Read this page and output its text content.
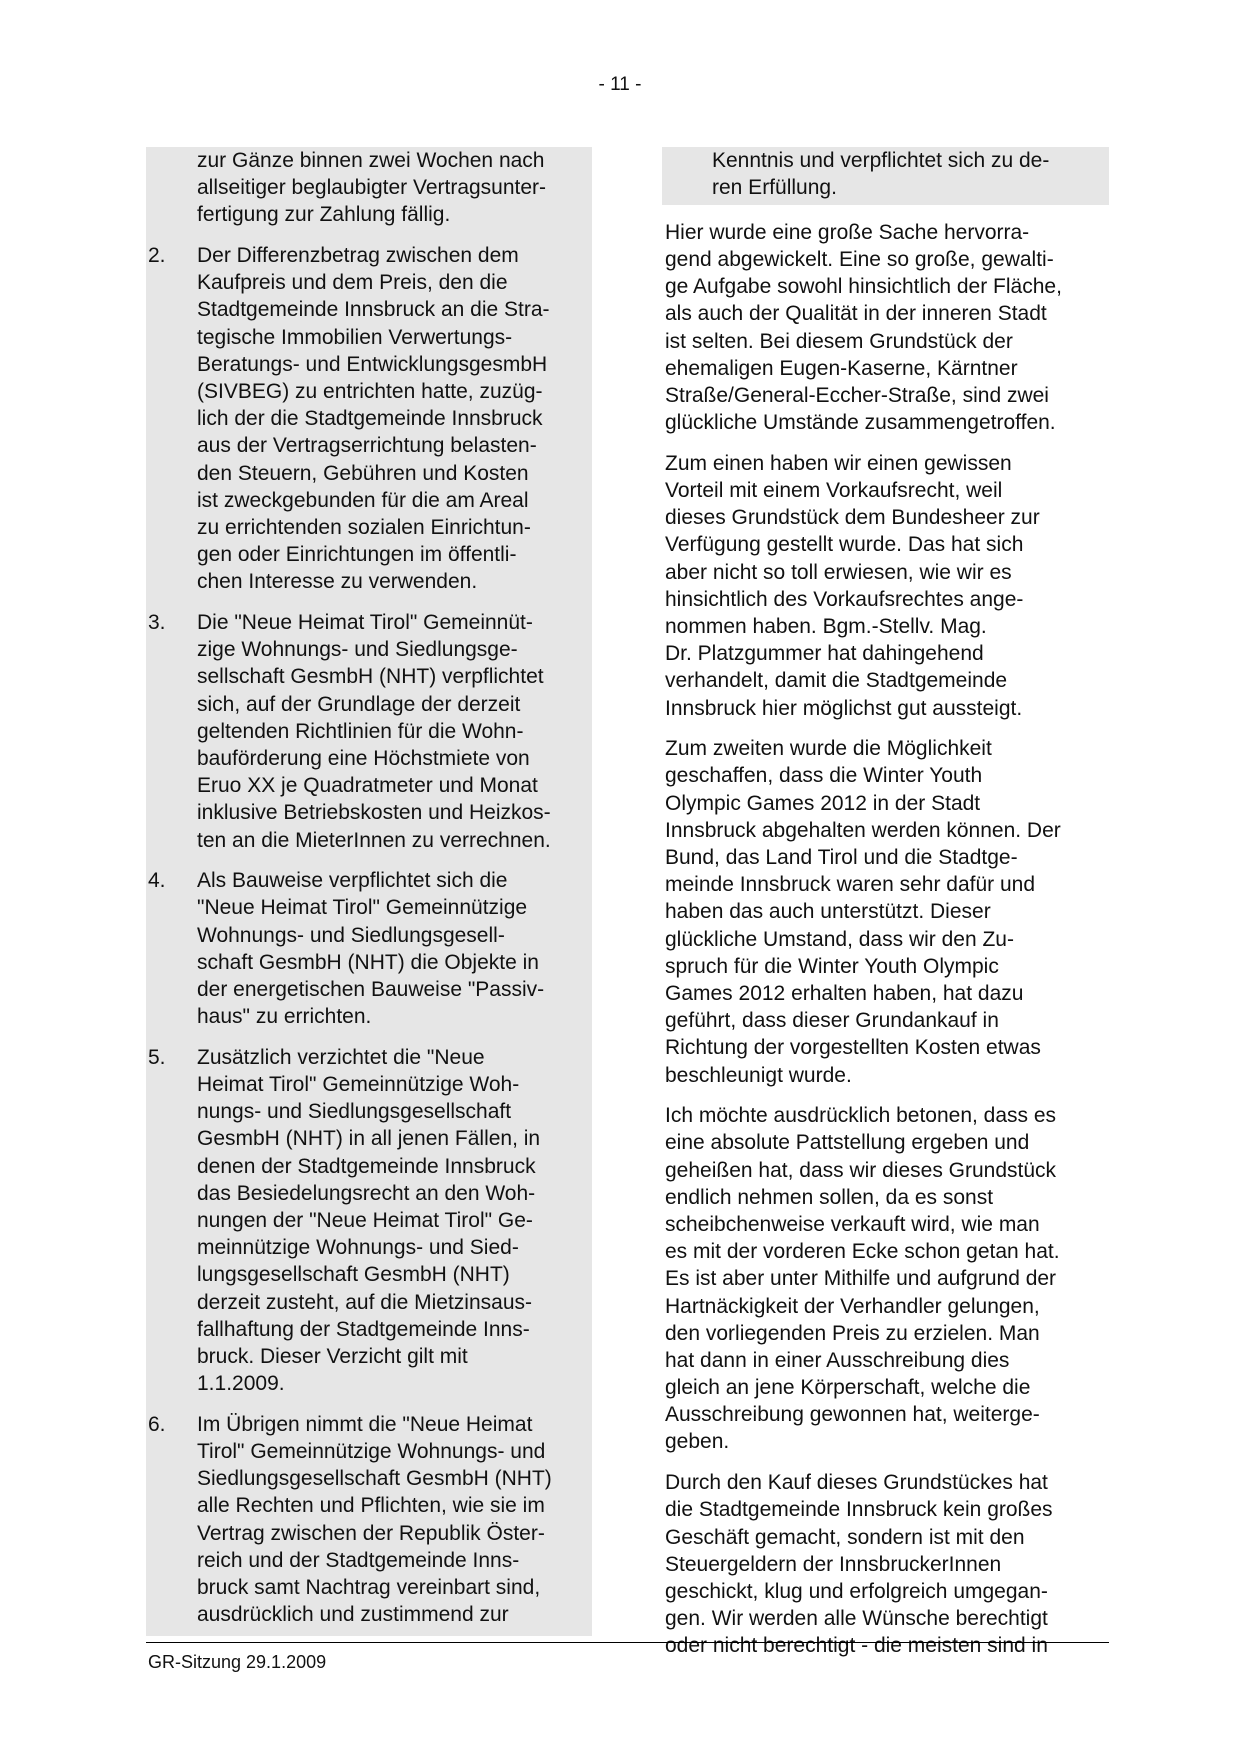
- 11 -
zur Gänze binnen zwei Wochen nach
allseitiger beglaubigter Vertragsunter-
fertigung zur Zahlung fällig.
2. Der Differenzbetrag zwischen dem
Kaufpreis und dem Preis, den die
Stadtgemeinde Innsbruck an die Stra-
tegische Immobilien Verwertungs-
Beratungs- und EntwicklungsgesmbH
(SIVBEG) zu entrichten hatte, zuzüg-
lich der die Stadtgemeinde Innsbruck
aus der Vertragserrichtung belasten-
den Steuern, Gebühren und Kosten
ist zweckgebunden für die am Areal
zu errichtenden sozialen Einrichtun-
gen oder Einrichtungen im öffentli-
chen Interesse zu verwenden.
3. Die "Neue Heimat Tirol" Gemeinnüt-
zige Wohnungs- und Siedlungsge-
sellschaft GesmbH (NHT) verpflichtet
sich, auf der Grundlage der derzeit
geltenden Richtlinien für die Wohn-
bauförderung eine Höchstmiete von
Eruo XX je Quadratmeter und Monat
inklusive Betriebskosten und Heizkos-
ten an die MieterInnen zu verrechnen.
4. Als Bauweise verpflichtet sich die
"Neue Heimat Tirol" Gemeinnützige
Wohnungs- und Siedlungsgesell-
schaft GesmbH (NHT) die Objekte in
der energetischen Bauweise "Passiv-
haus" zu errichten.
5. Zusätzlich verzichtet die "Neue
Heimat Tirol" Gemeinnützige Woh-
nungs- und Siedlungsgesellschaft
GesmbH (NHT) in all jenen Fällen, in
denen der Stadtgemeinde Innsbruck
das Besiedelungsrecht an den Woh-
nungen der "Neue Heimat Tirol" Ge-
meinnützige Wohnungs- und Sied-
lungsgesellschaft GesmbH (NHT)
derzeit zusteht, auf die Mietzinsaus-
fallhaftung der Stadtgemeinde Inns-
bruck. Dieser Verzicht gilt mit
1.1.2009.
6. Im Übrigen nimmt die "Neue Heimat
Tirol" Gemeinnützige Wohnungs- und
Siedlungsgesellschaft GesmbH (NHT)
alle Rechten und Pflichten, wie sie im
Vertrag zwischen der Republik Öster-
reich und der Stadtgemeinde Inns-
bruck samt Nachtrag vereinbart sind,
ausdrücklich und zustimmend zur
Kenntnis und verpflichtet sich zu de-
ren Erfüllung.
Hier wurde eine große Sache hervorra-
gend abgewickelt. Eine so große, gewalti-
ge Aufgabe sowohl hinsichtlich der Fläche,
als auch der Qualität in der inneren Stadt
ist selten. Bei diesem Grundstück der
ehemaligen Eugen-Kaserne, Kärntner
Straße/General-Eccher-Straße, sind zwei
glückliche Umstände zusammengetroffen.
Zum einen haben wir einen gewissen
Vorteil mit einem Vorkaufsrecht, weil
dieses Grundstück dem Bundesheer zur
Verfügung gestellt wurde. Das hat sich
aber nicht so toll erwiesen, wie wir es
hinsichtlich des Vorkaufsrechtes ange-
nommen haben. Bgm.-Stellv. Mag.
Dr. Platzgummer hat dahingehend
verhandelt, damit die Stadtgemeinde
Innsbruck hier möglichst gut aussteigt.
Zum zweiten wurde die Möglichkeit
geschaffen, dass die Winter Youth
Olympic Games 2012 in der Stadt
Innsbruck abgehalten werden können. Der
Bund, das Land Tirol und die Stadtge-
meinde Innsbruck waren sehr dafür und
haben das auch unterstützt. Dieser
glückliche Umstand, dass wir den Zu-
spruch für die Winter Youth Olympic
Games 2012 erhalten haben, hat dazu
geführt, dass dieser Grundankauf in
Richtung der vorgestellten Kosten etwas
beschleunigt wurde.
Ich möchte ausdrücklich betonen, dass es
eine absolute Pattstellung ergeben und
geheißen hat, dass wir dieses Grundstück
endlich nehmen sollen, da es sonst
scheibchenweise verkauft wird, wie man
es mit der vorderen Ecke schon getan hat.
Es ist aber unter Mithilfe und aufgrund der
Hartnäckigkeit der Verhandler gelungen,
den vorliegenden Preis zu erzielen. Man
hat dann in einer Ausschreibung dies
gleich an jene Körperschaft, welche die
Ausschreibung gewonnen hat, weiterge-
geben.
Durch den Kauf dieses Grundstückes hat
die Stadtgemeinde Innsbruck kein großes
Geschäft gemacht, sondern ist mit den
Steuergeldern der InnsbruckerInnen
geschickt, klug und erfolgreich umgegan-
gen. Wir werden alle Wünsche berechtigt
oder nicht berechtigt - die meisten sind in
GR-Sitzung 29.1.2009
